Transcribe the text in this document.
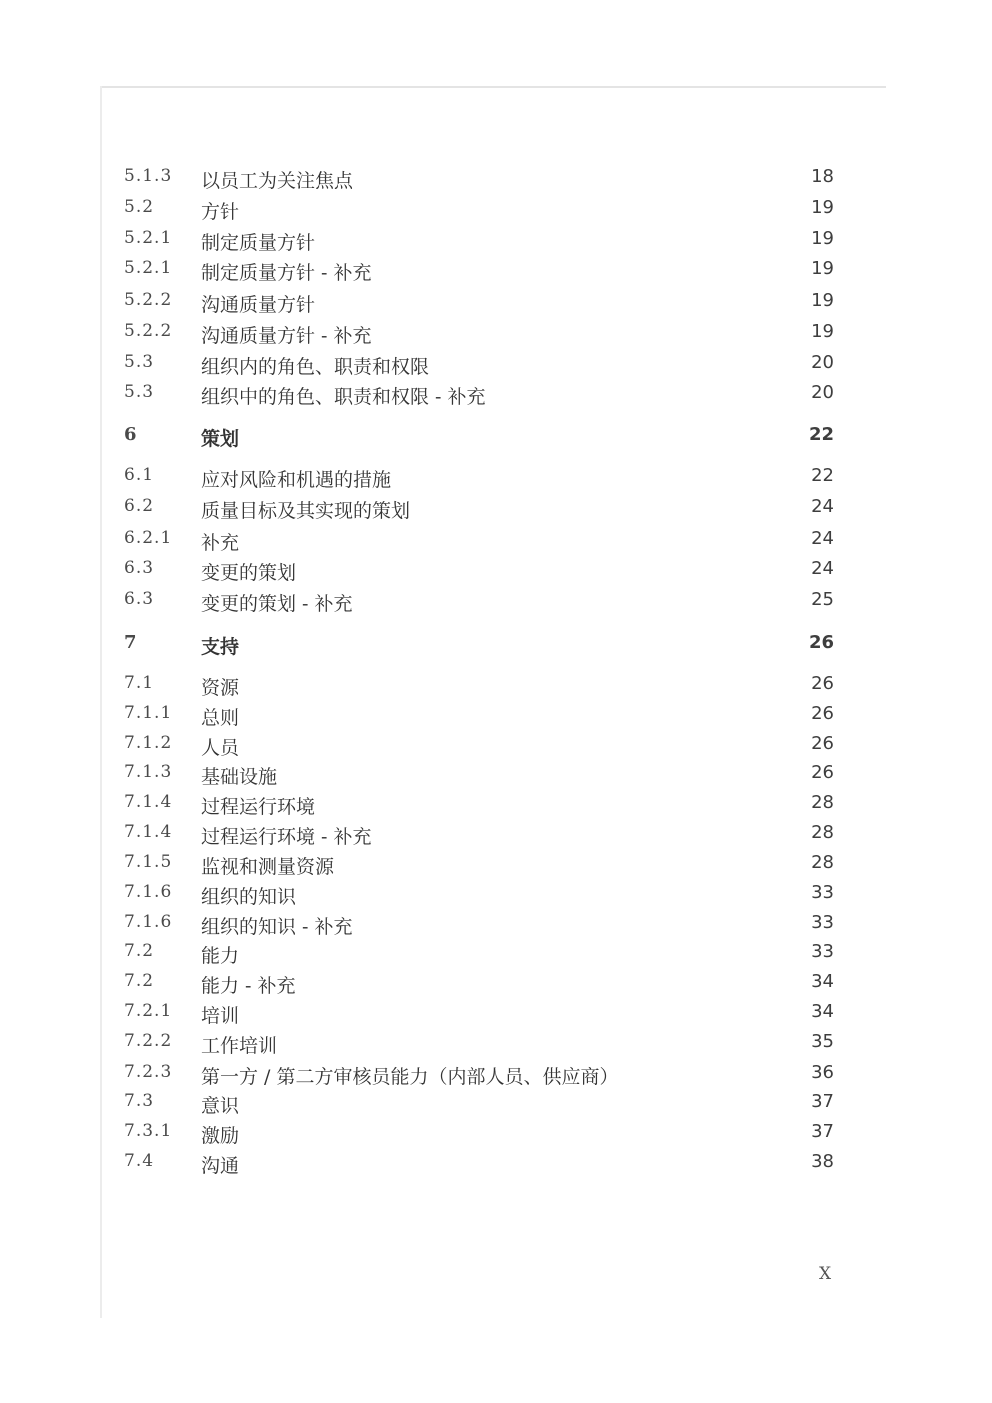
5.1.3	以员工为关注焦点	18
5.2	方针	19
5.2.1	制定质量方针	19
5.2.1	制定质量方针 - 补充	19
5.2.2	沟通质量方针	19
5.2.2	沟通质量方针 - 补充	19
5.3	组织内的角色、职责和权限	20
5.3	组织中的角色、职责和权限 - 补充	20
6	策划	22
6.1	应对风险和机遇的措施	22
6.2	质量目标及其实现的策划	24
6.2.1	补充	24
6.3	变更的策划	24
6.3	变更的策划 - 补充	25
7	支持	26
7.1	资源	26
7.1.1	总则	26
7.1.2	人员	26
7.1.3	基础设施	26
7.1.4	过程运行环境	28
7.1.4	过程运行环境 - 补充	28
7.1.5	监视和测量资源	28
7.1.6	组织的知识	33
7.1.6	组织的知识 - 补充	33
7.2	能力	33
7.2	能力 - 补充	34
7.2.1	培训	34
7.2.2	工作培训	35
7.2.3	第一方 / 第二方审核员能力（内部人员、供应商）	36
7.3	意识	37
7.3.1	激励	37
7.4	沟通	38
X
